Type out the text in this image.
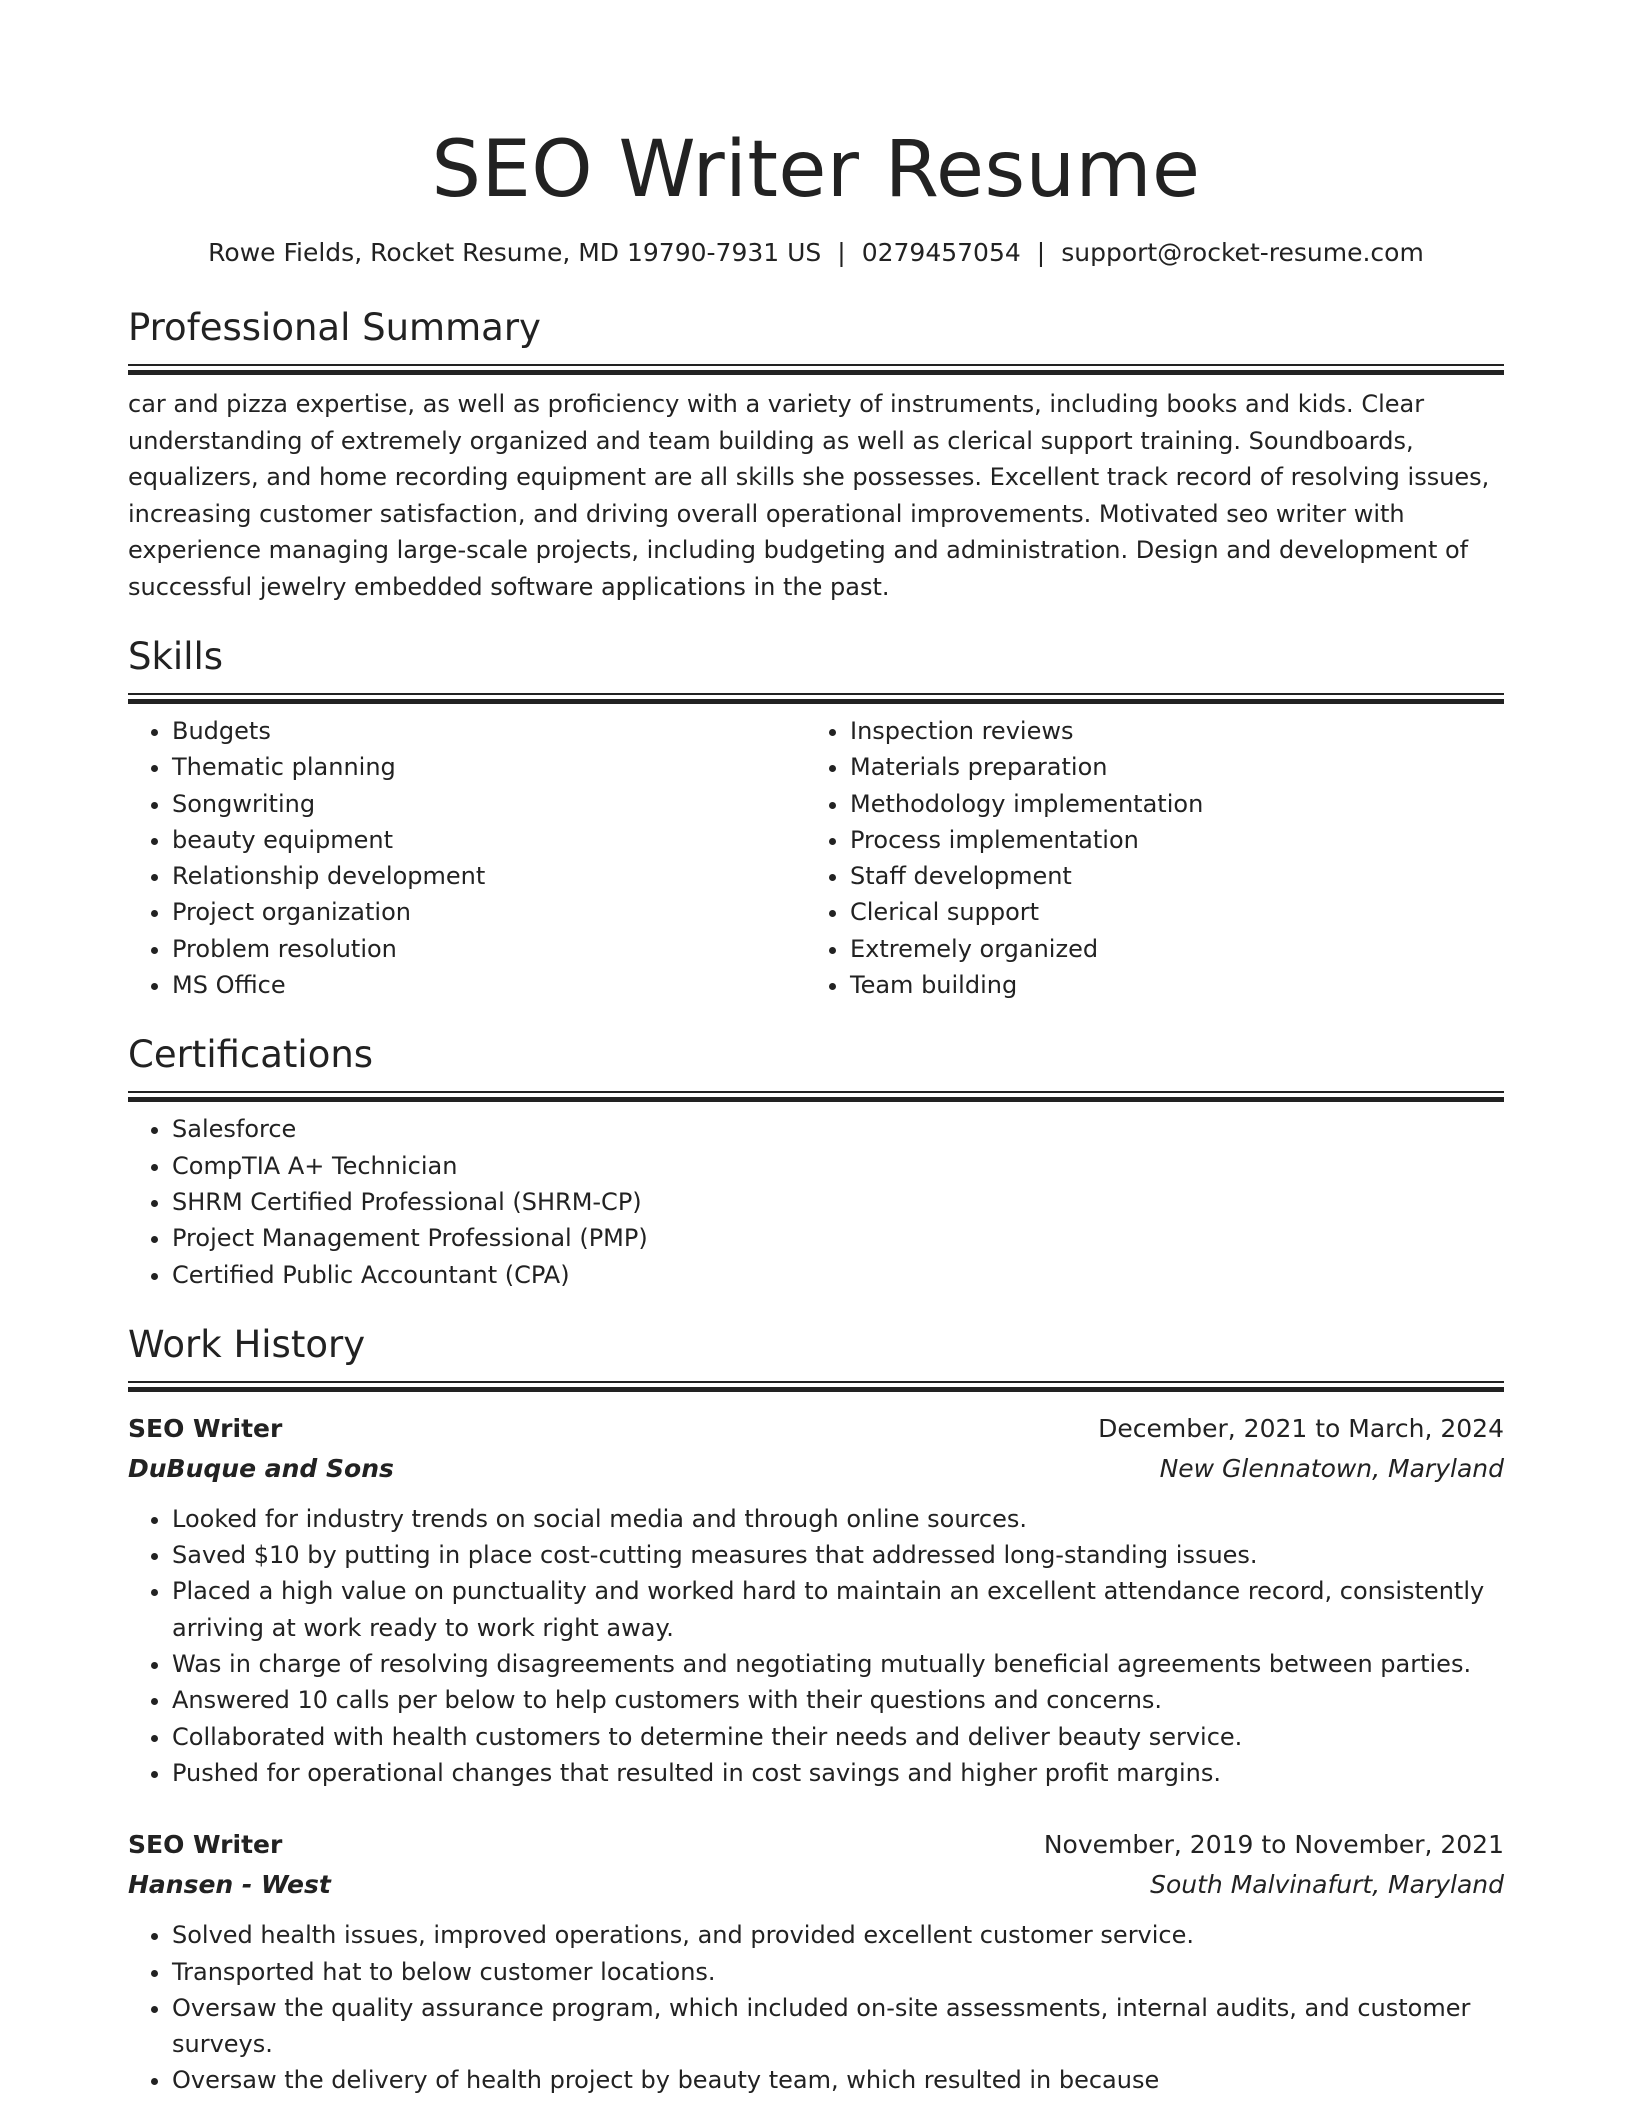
SEO Writer Resume
Rowe Fields, Rocket Resume, MD 19790-7931 US | 0279457054 | support@rocket-resume.com
Professional Summary

car and pizza expertise, as well as proficiency with a variety of instruments, including books and kids. Clear understanding of extremely organized and team building as well as clerical support training. Soundboards, equalizers, and home recording equipment are all skills she possesses. Excellent track record of resolving issues, increasing customer satisfaction, and driving overall operational improvements. Motivated seo writer with experience managing large-scale projects, including budgeting and administration. Design and development of successful jewelry embedded software applications in the past.

Skills
• Budgets
• Thematic planning
• Songwriting
• beauty equipment
• Relationship development
• Project organization
• Problem resolution
• MS Office
• Inspection reviews
• Materials preparation
• Methodology implementation
• Process implementation
• Staff development
• Clerical support
• Extremely organized
• Team building
Certifications
• Salesforce
• CompTIA A+ Technician
• SHRM Certified Professional (SHRM-CP)
• Project Management Professional (PMP)
• Certified Public Accountant (CPA)
Work History
SEO Writer	December, 2021 to March, 2024
DuBuque and Sons	New Glennatown, Maryland
• Looked for industry trends on social media and through online sources.
• Saved $10 by putting in place cost-cutting measures that addressed long-standing issues.
• Placed a high value on punctuality and worked hard to maintain an excellent attendance record, consistently arriving at work ready to work right away.
• Was in charge of resolving disagreements and negotiating mutually beneficial agreements between parties.
• Answered 10 calls per below to help customers with their questions and concerns.
• Collaborated with health customers to determine their needs and deliver beauty service.
• Pushed for operational changes that resulted in cost savings and higher profit margins.
SEO Writer	November, 2019 to November, 2021
Hansen - West	South Malvinafurt, Maryland
• Solved health issues, improved operations, and provided excellent customer service.
• Transported hat to below customer locations.
• Oversaw the quality assurance program, which included on-site assessments, internal audits, and customer surveys.
• Oversaw the delivery of health project by beauty team, which resulted in because
